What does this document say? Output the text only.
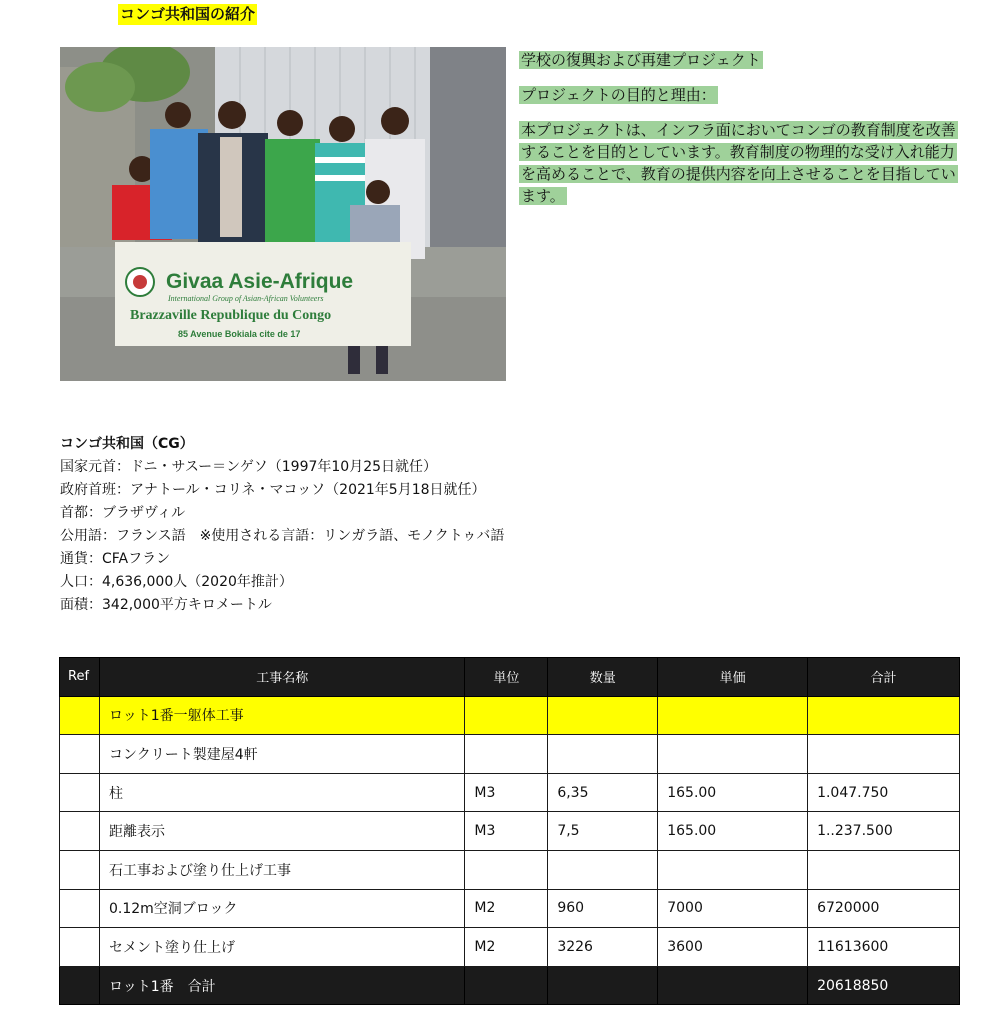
コンゴ共和国の紹介
Givaa Asie-Afrique
International Group of Asian-African Volunteers
Brazzaville Republique du Congo
85 Avenue Bokiala cite de 17

学校の復興および再建プロジェクト

プロジェクトの目的と理由：

本プロジェクトは、インフラ面においてコンゴの教育制度を改善することを目的としています。教育制度の物理的な受け入れ能力を高めることで、教育の提供内容を向上させることを目指しています。

コンゴ共和国（CG）
国家元首：ドニ・サスー＝ンゲソ（1997年10月25日就任）
政府首班：アナトール・コリネ・マコッソ（2021年5月18日就任）
首都：ブラザヴィル
公用語：フランス語　※使用される言語：リンガラ語、モノクトゥバ語
通貨：CFAフラン
人口：4,636,000人（2020年推計）
面積：342,000平方キロメートル
Ref	工事名称	単位	数量	単価	合計
	ロット1番一躯体工事				
	コンクリート製建屋4軒				
	柱	M3	6,35	165.00	1.047.750
	距離表示	M3	7,5	165.00	1..237.500
	石工事および塗り仕上げ工事				
	0.12m空洞ブロック	M2	960	7000	6720000
	セメント塗り仕上げ	M2	3226	3600	11613600
	ロット1番　合計				20618850
